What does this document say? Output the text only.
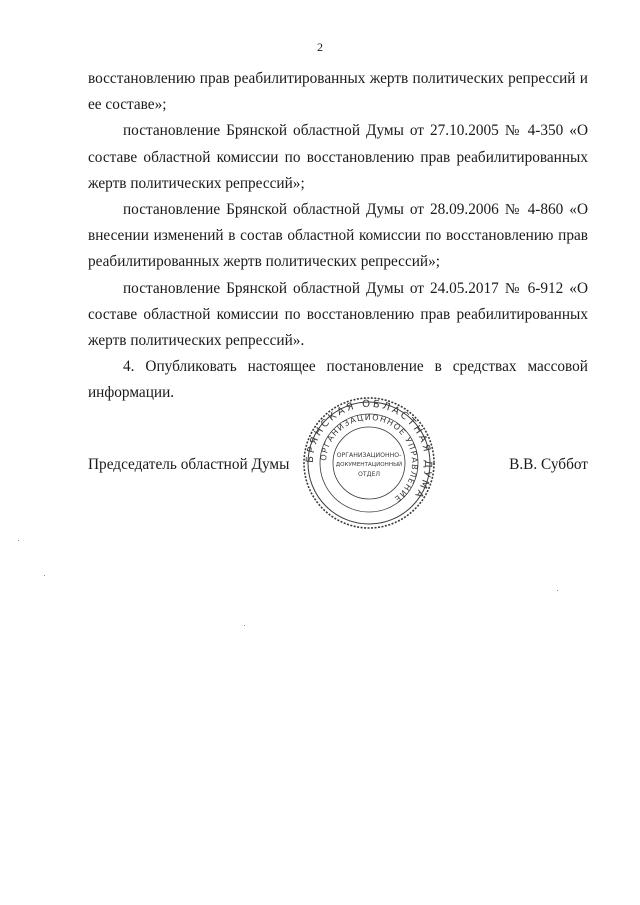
2

восстановлению прав реабилитированных жертв политических репрессий и ее составе»;

постановление Брянской областной Думы от 27.10.2005 № 4-350 «О составе областной комиссии по восстановлению прав реабилитированных жертв политических репрессий»;

постановление Брянской областной Думы от 28.09.2006 № 4-860 «О внесении изменений в состав областной комиссии по восстановлению прав реабилитированных жертв политических репрессий»;

постановление Брянской областной Думы от 24.05.2017 № 6-912 «О составе областной комиссии по восстановлению прав реабилитированных жертв политических репрессий».

4. Опубликовать настоящее постановление в средствах массовой информации.

Председатель областной Думы	В.В. Суббот
БРЯНСКАЯ ОБЛАСТНАЯ ДУМА
ОРГАНИЗАЦИОННОЕ УПРАВЛЕНИЕ
ОРГАНИЗАЦИОННО-
ДОКУМЕНТАЦИОННЫЙ
ОТДЕЛ
